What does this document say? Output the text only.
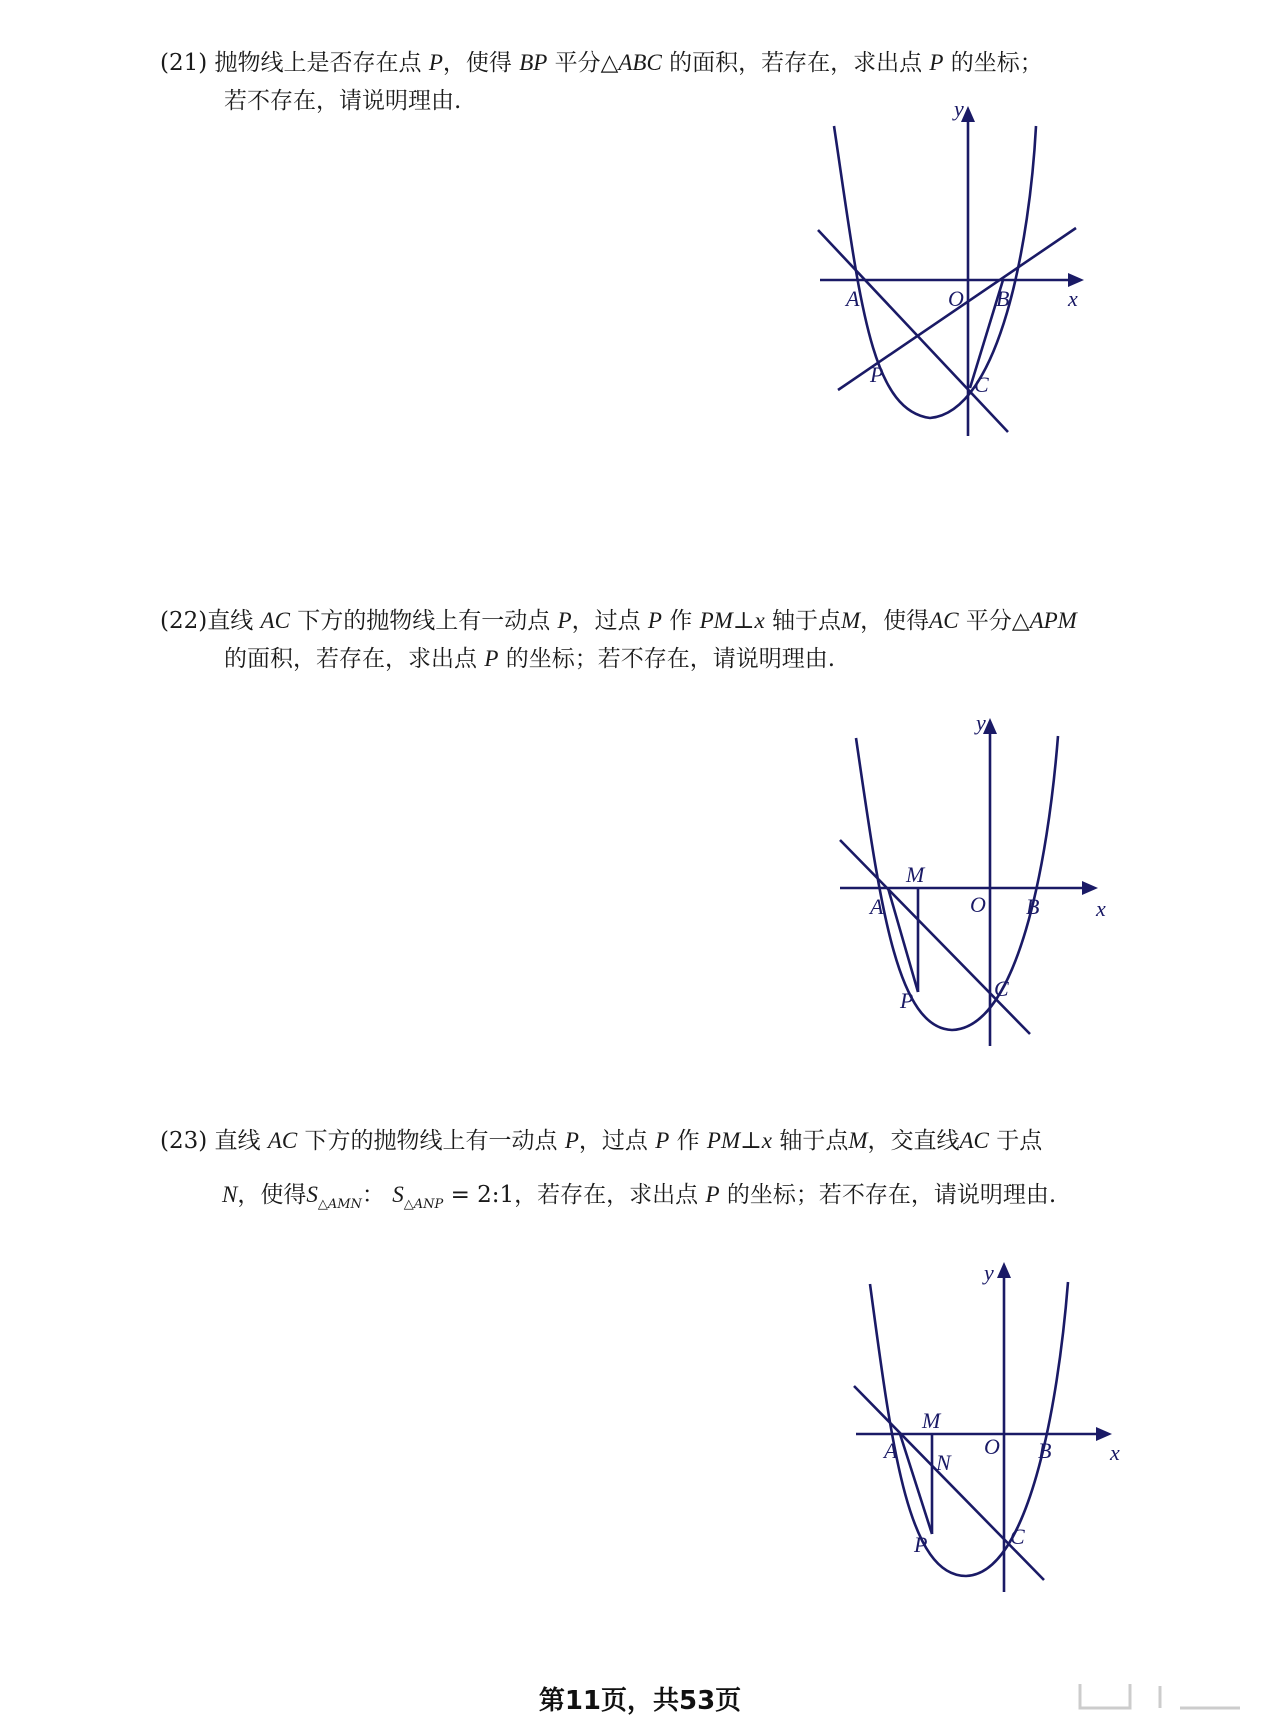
(21) 抛物线上是否存在点 P，使得 BP 平分△ABC 的面积，若存在，求出点 P 的坐标；
若不存在，请说明理由.	y
x
O
A	B
C
P
(22)直线 AC 下方的抛物线上有一动点 P，过点 P 作 PM⊥x 轴于点M，使得AC 平分△APM
的面积，若存在，求出点 P 的坐标；若不存在，请说明理由.
y
x
O
A	B
C
P
M
(23) 直线 AC 下方的抛物线上有一动点 P，过点 P 作 PM⊥x 轴于点M，交直线AC 于点
N，使得$S_{\triangle AMN}$： $S_{\triangle ANP}$ = 2:1，若存在，求出点 P 的坐标；若不存在，请说明理由.
y
x
O
A	B
C
P
M
N
第11页，共53页
